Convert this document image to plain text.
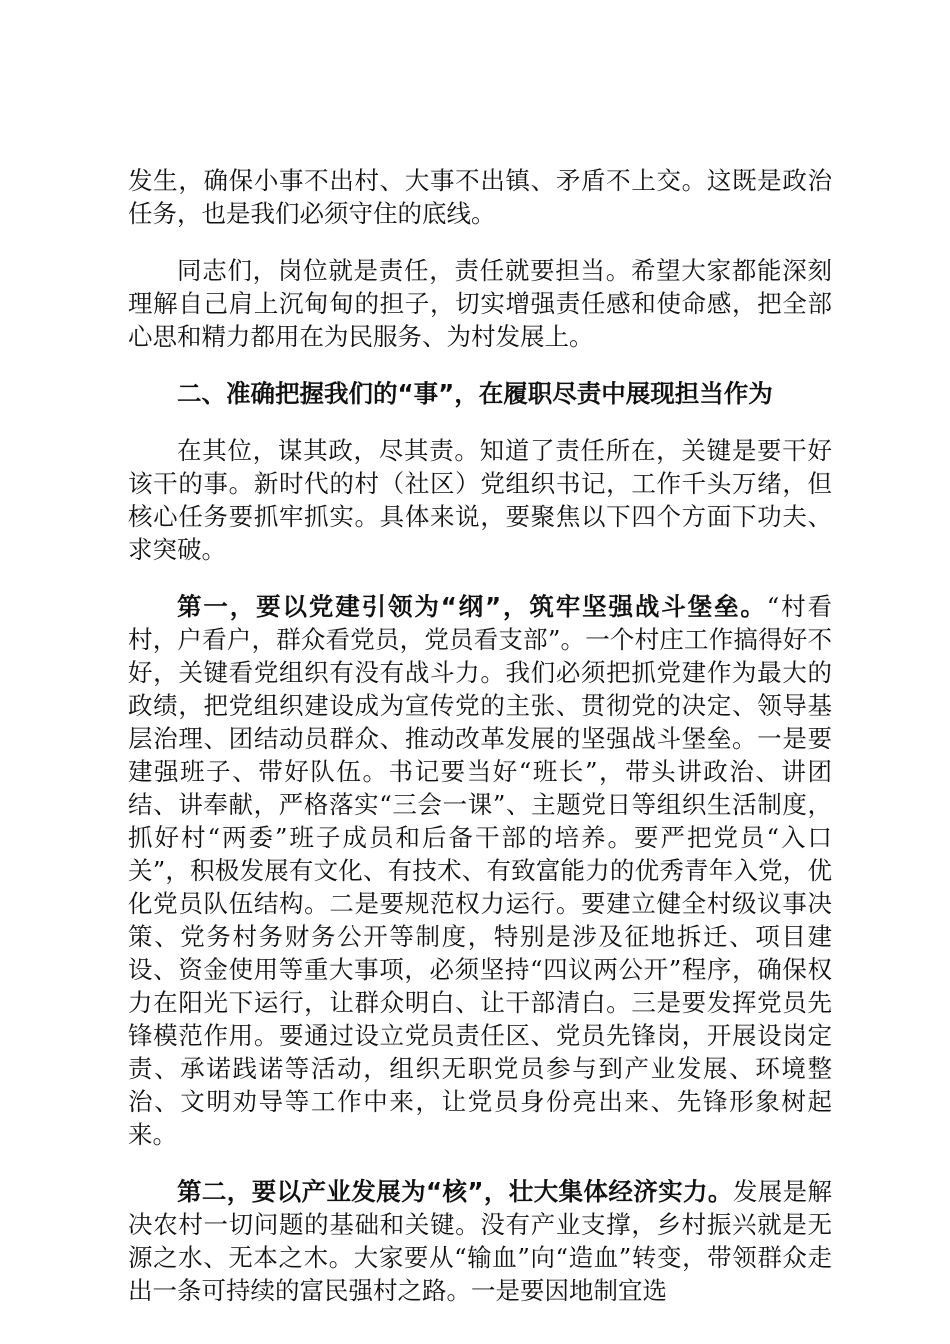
发生，确保小事不出村、大事不出镇、矛盾不上交。这既是政治任务，也是我们必须守住的底线。

同志们，岗位就是责任，责任就要担当。希望大家都能深刻理解自己肩上沉甸甸的担子，切实增强责任感和使命感，把全部心思和精力都用在为民服务、为村发展上。

二、准确把握我们的“事”，在履职尽责中展现担当作为

在其位，谋其政，尽其责。知道了责任所在，关键是要干好该干的事。新时代的村（社区）党组织书记，工作千头万绪，但核心任务要抓牢抓实。具体来说，要聚焦以下四个方面下功夫、求突破。

第一，要以党建引领为“纲”，筑牢坚强战斗堡垒。“村看村，户看户，群众看党员，党员看支部”。一个村庄工作搞得好不好，关键看党组织有没有战斗力。我们必须把抓党建作为最大的政绩，把党组织建设成为宣传党的主张、贯彻党的决定、领导基层治理、团结动员群众、推动改革发展的坚强战斗堡垒。一是要建强班子、带好队伍。书记要当好“班长”，带头讲政治、讲团结、讲奉献，严格落实“三会一课”、主题党日等组织生活制度，抓好村“两委”班子成员和后备干部的培养。要严把党员“入口关”，积极发展有文化、有技术、有致富能力的优秀青年入党，优化党员队伍结构。二是要规范权力运行。要建立健全村级议事决策、党务村务财务公开等制度，特别是涉及征地拆迁、项目建设、资金使用等重大事项，必须坚持“四议两公开”程序，确保权力在阳光下运行，让群众明白、让干部清白。三是要发挥党员先锋模范作用。要通过设立党员责任区、党员先锋岗，开展设岗定责、承诺践诺等活动，组织无职党员参与到产业发展、环境整治、文明劝导等工作中来，让党员身份亮出来、先锋形象树起来。

第二，要以产业发展为“核”，壮大集体经济实力。发展是解决农村一切问题的基础和关键。没有产业支撑，乡村振兴就是无源之水、无本之木。大家要从“输血”向“造血”转变，带领群众走出一条可持续的富民强村之路。一是要因地制宜选
